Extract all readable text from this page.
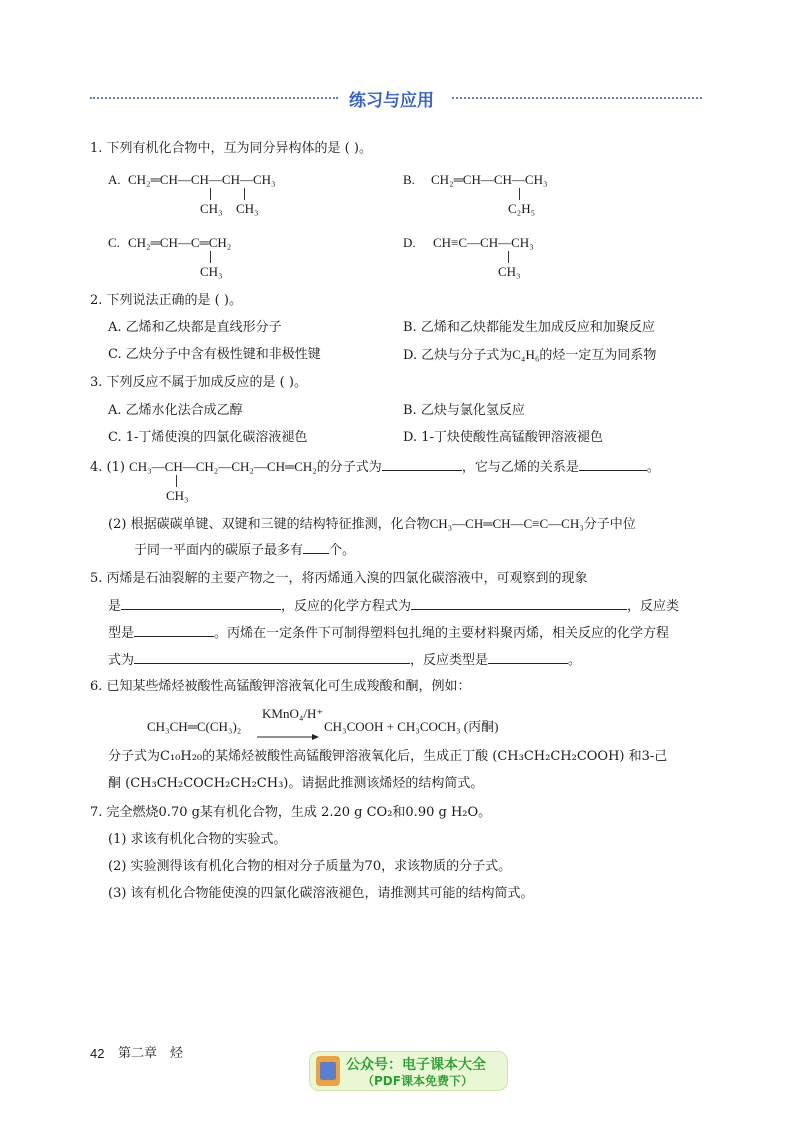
练习与应用
1. 下列有机化合物中，互为同分异构体的是 ( )。
A. CH₂═CH—CH—CH—CH₃
CH₃ CH₃
B. CH₂═CH—CH—CH₃
C₂H₅
C. CH₂═CH—C═CH₂
CH₃
D. CH≡C—CH—CH₃
CH₃
2. 下列说法正确的是 ( )。
A. 乙烯和乙炔都是直线形分子	B. 乙烯和乙炔都能发生加成反应和加聚反应
C. 乙炔分子中含有极性键和非极性键	D. 乙炔与分子式为C₄H₆的烃一定互为同系物
3. 下列反应不属于加成反应的是 ( )。
A. 乙烯水化法合成乙醇	B. 乙炔与氯化氢反应
C. 1-丁烯使溴的四氯化碳溶液褪色	D. 1-丁炔使酸性高锰酸钾溶液褪色
4. (1) CH₃—CH—CH₂—CH₂—CH═CH₂的分子式为	，它与乙烯的关系是	。
CH₃
(2) 根据碳碳单键、双键和三键的结构特征推测，化合物CH₃—CH═CH—C≡C—CH₃分子中位
于同一平面内的碳原子最多有 个。
5. 丙烯是石油裂解的主要产物之一，将丙烯通入溴的四氯化碳溶液中，可观察到的现象
是	，反应的化学方程式为	，反应类
型是	。丙烯在一定条件下可制得塑料包扎绳的主要材料聚丙烯，相关反应的化学方程
式为	，反应类型是	。
6. 已知某些烯烃被酸性高锰酸钾溶液氧化可生成羧酸和酮，例如：
CH₃CH═C(CH₃)₂
KMnO₄/H⁺
CH₃COOH + CH₃COCH₃ (丙酮)
分子式为C₁₀H₂₀的某烯烃被酸性高锰酸钾溶液氧化后，生成正丁酸 (CH₃CH₂CH₂COOH) 和3-己
酮 (CH₃CH₂COCH₂CH₂CH₃)。请据此推测该烯烃的结构简式。
7. 完全燃烧0.70 g某有机化合物，生成 2.20 g CO₂和0.90 g H₂O。
(1) 求该有机化合物的实验式。
(2) 实验测得该有机化合物的相对分子质量为70，求该物质的分子式。
(3) 该有机化合物能使溴的四氯化碳溶液褪色，请推测其可能的结构简式。
42 第二章 烃
公众号：电子课本大全
（PDF课本免费下）
